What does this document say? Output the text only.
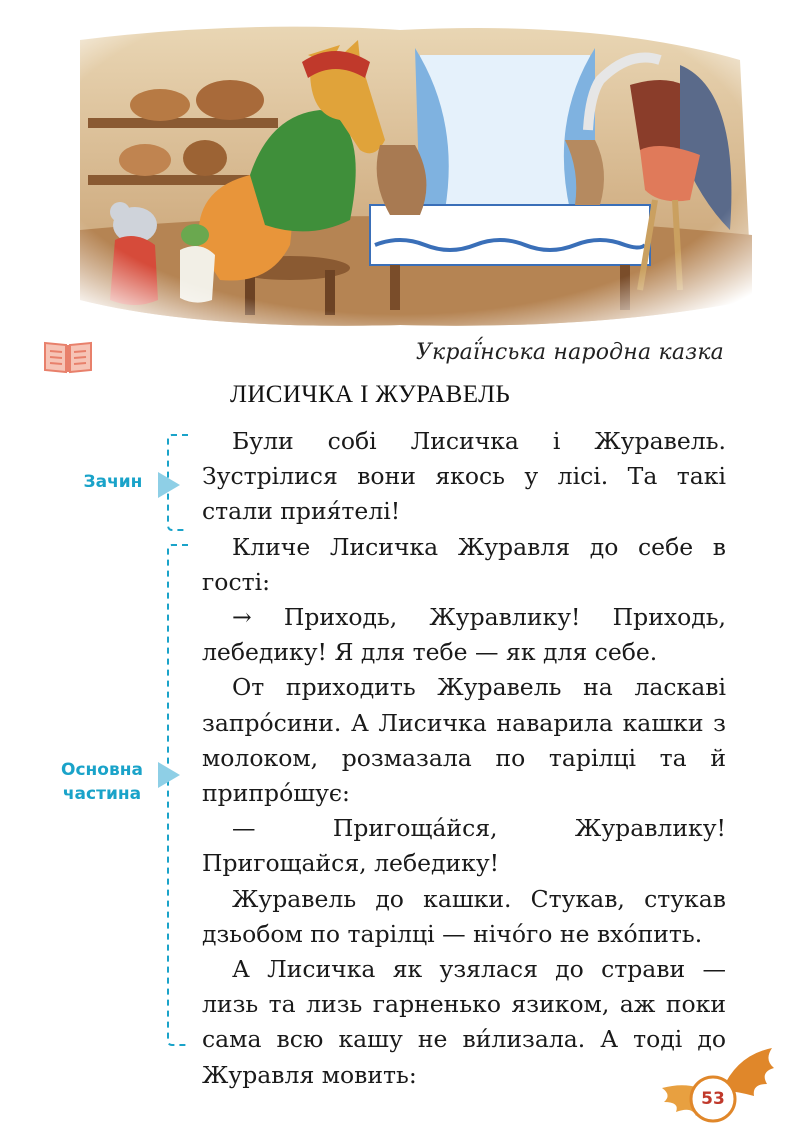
Украї́нська народна казка
ЛИСИЧКА І ЖУРАВЕЛЬ
Зачин
Основна частина

Були собі Лисичка і Журавель. Зустрілися вони якось у лісі. Та такі стали прия́телі!

Кличе Лисичка Журавля до себе в гості:

→ Приходь, Журавлику! Приходь, лебедику! Я для тебе — як для себе.

От приходить Журавель на ласкаві запро́сини. А Лисичка наварила кашки з молоком, розмазала по тарілці та й припро́шує:

— Пригоща́йся, Журавлику! Пригощайся, лебедику!

Журавель до кашки. Стукав, стукав дзьобом по тарілці — нічо́го не вхо́пить.

А Лисичка як узялася до страви — лизь та лизь гарненько язиком, аж поки сама всю кашу не ви́лизала. А тоді до Журавля мовить:

53
